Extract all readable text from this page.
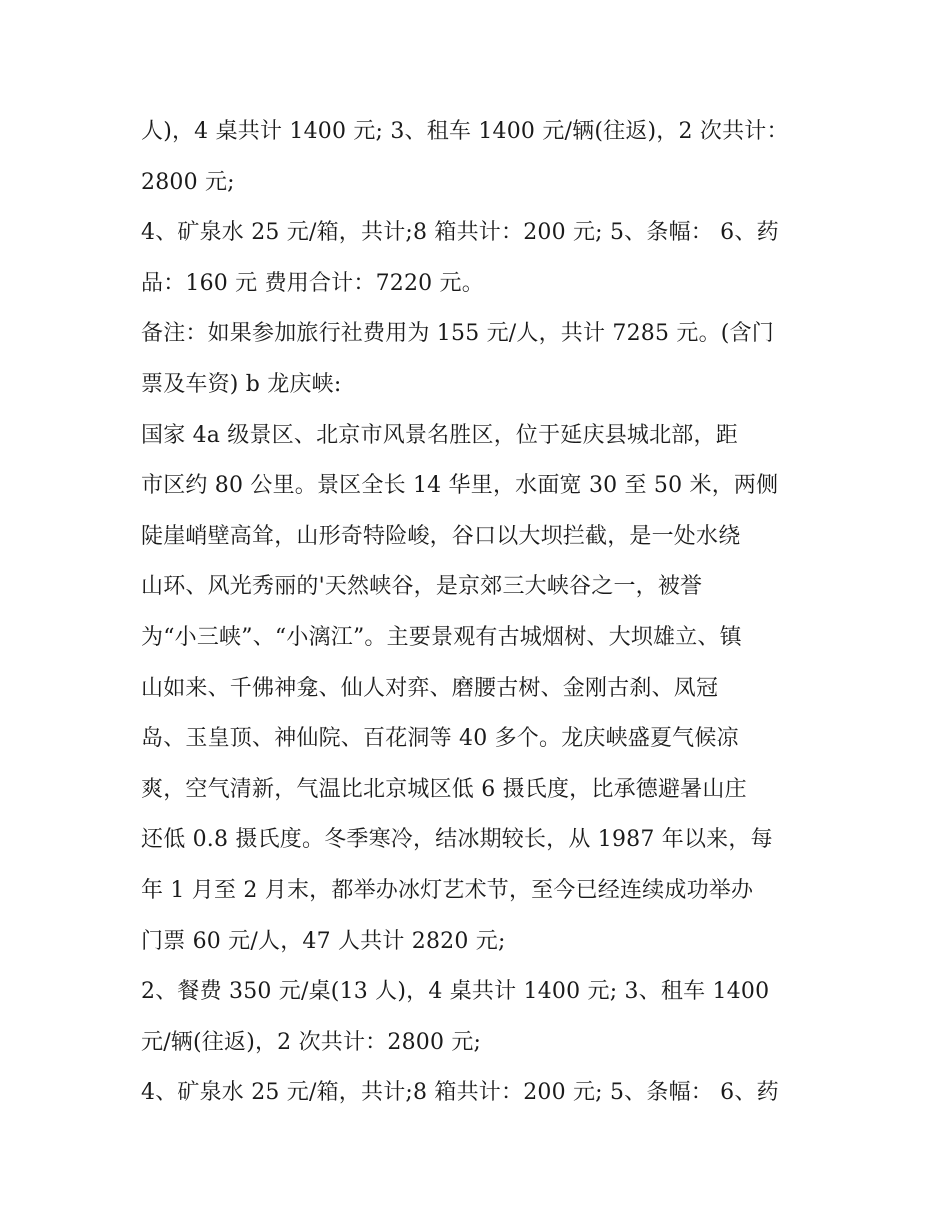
人)，4 桌共计 1400 元; 3、租车 1400 元/辆(往返)，2 次共计：
2800 元;
4、矿泉水 25 元/箱，共计;8 箱共计：200 元; 5、条幅： 6、药
品：160 元 费用合计：7220 元。
备注：如果参加旅行社费用为 155 元/人，共计 7285 元。(含门
票及车资) b 龙庆峡:
国家 4a 级景区、北京市风景名胜区，位于延庆县城北部，距
市区约 80 公里。景区全长 14 华里，水面宽 30 至 50 米，两侧
陡崖峭壁高耸，山形奇特险峻，谷口以大坝拦截，是一处水绕
山环、风光秀丽的'天然峡谷，是京郊三大峡谷之一，被誉
为“小三峡”、“小漓江”。主要景观有古城烟树、大坝雄立、镇
山如来、千佛神龛、仙人对弈、磨腰古树、金刚古刹、凤冠
岛、玉皇顶、神仙院、百花洞等 40 多个。龙庆峡盛夏气候凉
爽，空气清新，气温比北京城区低 6 摄氏度，比承德避暑山庄
还低 0.8 摄氏度。冬季寒冷，结冰期较长，从 1987 年以来，每
年 1 月至 2 月末，都举办冰灯艺术节，至今已经连续成功举办
门票 60 元/人，47 人共计 2820 元;
2、餐费 350 元/桌(13 人)，4 桌共计 1400 元; 3、租车 1400
元/辆(往返)，2 次共计：2800 元;
4、矿泉水 25 元/箱，共计;8 箱共计：200 元; 5、条幅： 6、药
